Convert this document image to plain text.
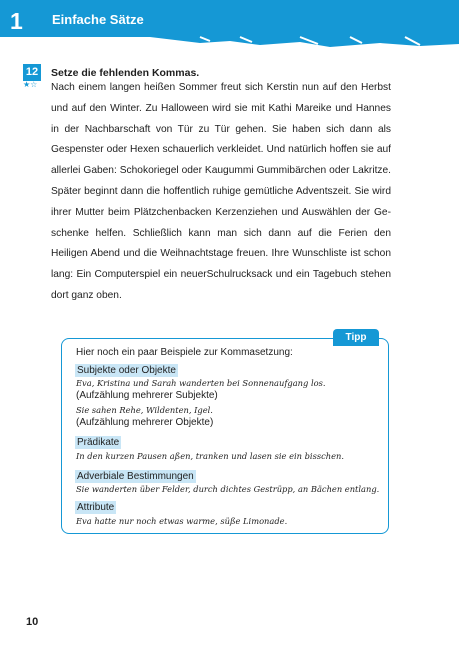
1	Einfache Sätze
12
★☆
Setze die fehlenden Kommas.
Nach einem langen heißen Sommer freut sich Kerstin nun auf den Herbst
und auf den Winter. Zu Halloween wird sie mit Kathi Mareike und Hannes
in der Nachbarschaft von Tür zu Tür gehen. Sie haben sich dann als
Gespenster oder Hexen schauerlich verkleidet. Und natürlich hoffen sie auf
allerlei Gaben: Schokoriegel oder Kaugummi Gummibärchen oder Lakritze.
Später beginnt dann die hoffentlich ruhige gemütliche Adventszeit. Sie wird
ihrer Mutter beim Plätzchenbacken Kerzenziehen und Auswählen der Ge-
schenke helfen. Schließlich kann man sich dann auf die Ferien den
Heiligen Abend und die Weihnachtstage freuen. Ihre Wunschliste ist schon
lang: Ein Computerspiel ein neuerSchulrucksack und ein Tagebuch stehen
dort ganz oben.
Tipp
Hier noch ein paar Beispiele zur Kommasetzung:
Subjekte oder Objekte
Eva, Kristina und Sarah wanderten bei Sonnenaufgang los.
(Aufzählung mehrerer Subjekte)
Sie sahen Rehe, Wildenten, Igel.
(Aufzählung mehrerer Objekte)
Prädikate
In den kurzen Pausen aßen, tranken und lasen sie ein bisschen.
Adverbiale Bestimmungen
Sie wanderten über Felder, durch dichtes Gestrüpp, an Bächen entlang.
Attribute
Eva hatte nur noch etwas warme, süße Limonade.
10
